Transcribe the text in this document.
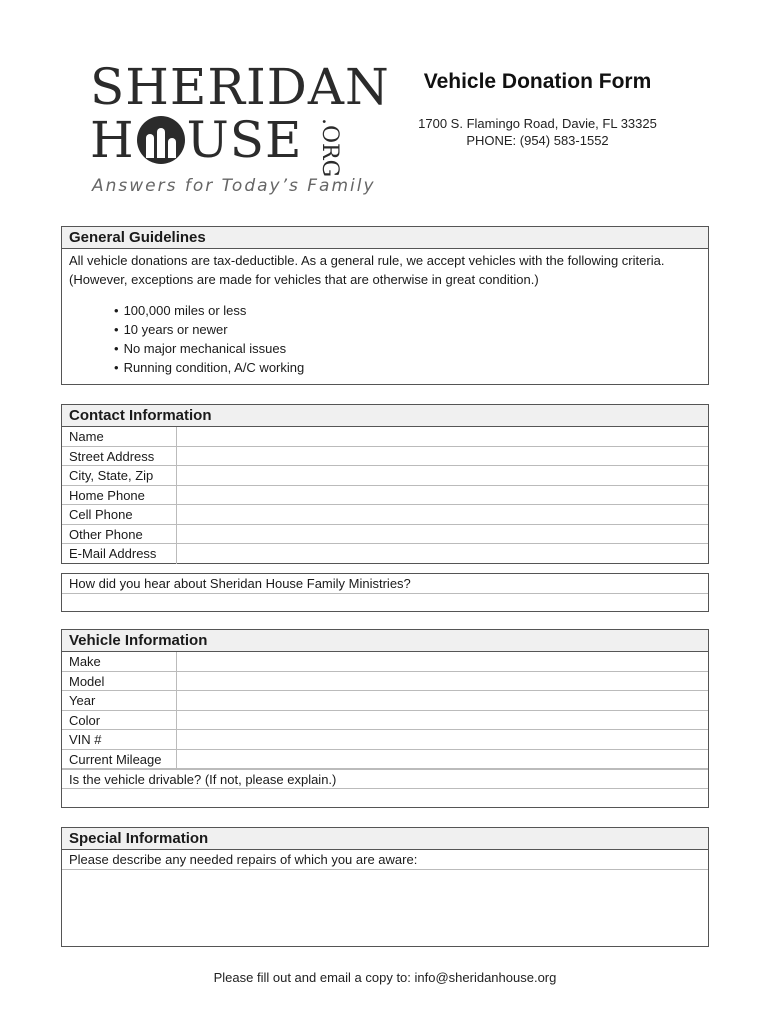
SHERIDAN
H USE .ORG
Answers for Today’s Family
Vehicle Donation Form
1700 S. Flamingo Road, Davie, FL 33325
PHONE: (954) 583-1552
General Guidelines
All vehicle donations are tax-deductible. As a general rule, we accept vehicles with the following criteria. (However, exceptions are made for vehicles that are otherwise in great condition.)
• 100,000 miles or less
• 10 years or newer
• No major mechanical issues
• Running condition, A/C working
Contact Information
Name
Street Address
City, State, Zip
Home Phone
Cell Phone
Other Phone
E-Mail Address
How did you hear about Sheridan House Family Ministries?
Vehicle Information
Make
Model
Year
Color
VIN #
Current Mileage
Is the vehicle drivable? (If not, please explain.)
Special Information
Please describe any needed repairs of which you are aware:
Please fill out and email a copy to: info@sheridanhouse.org
